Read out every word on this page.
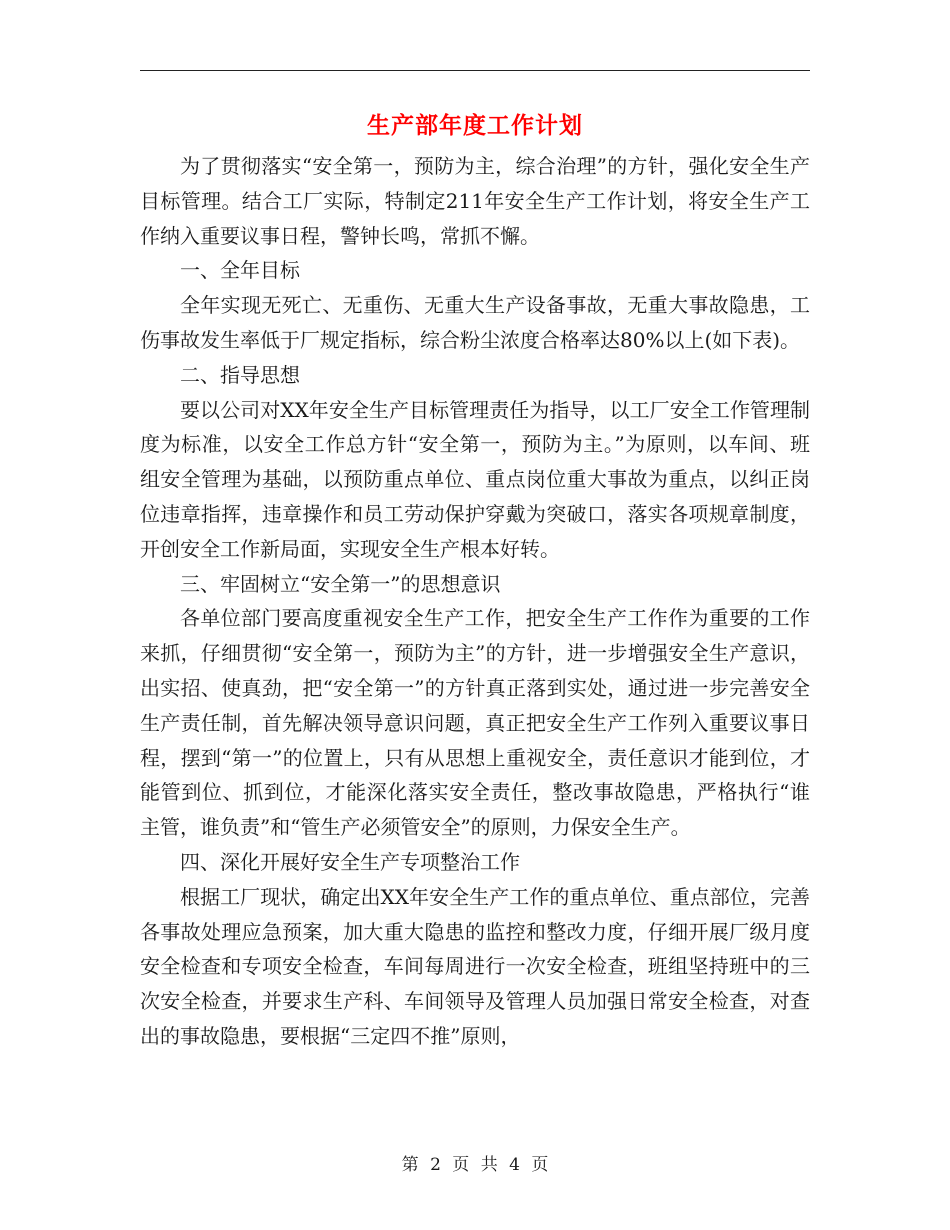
生产部年度工作计划

为了贯彻落实“安全第一，预防为主，综合治理”的方针，强化安全生产目标管理。结合工厂实际，特制定211年安全生产工作计划，将安全生产工作纳入重要议事日程，警钟长鸣，常抓不懈。

一、全年目标

全年实现无死亡、无重伤、无重大生产设备事故，无重大事故隐患，工伤事故发生率低于厂规定指标，综合粉尘浓度合格率达80%以上(如下表)。

二、指导思想

要以公司对XX年安全生产目标管理责任为指导，以工厂安全工作管理制度为标准，以安全工作总方针“安全第一，预防为主。”为原则，以车间、班组安全管理为基础，以预防重点单位、重点岗位重大事故为重点，以纠正岗位违章指挥，违章操作和员工劳动保护穿戴为突破口，落实各项规章制度，开创安全工作新局面，实现安全生产根本好转。

三、牢固树立“安全第一”的思想意识

各单位部门要高度重视安全生产工作，把安全生产工作作为重要的工作来抓，仔细贯彻“安全第一，预防为主”的方针，进一步增强安全生产意识，出实招、使真劲，把“安全第一”的方针真正落到实处，通过进一步完善安全生产责任制，首先解决领导意识问题，真正把安全生产工作列入重要议事日程，摆到“第一”的位置上，只有从思想上重视安全，责任意识才能到位，才能管到位、抓到位，才能深化落实安全责任，整改事故隐患，严格执行“谁主管，谁负责”和“管生产必须管安全”的原则，力保安全生产。

四、深化开展好安全生产专项整治工作

根据工厂现状，确定出XX年安全生产工作的重点单位、重点部位，完善各事故处理应急预案，加大重大隐患的监控和整改力度，仔细开展厂级月度安全检查和专项安全检查，车间每周进行一次安全检查，班组坚持班中的三次安全检查，并要求生产科、车间领导及管理人员加强日常安全检查，对查出的事故隐患，要根据“三定四不推”原则，

第 2 页 共 4 页
